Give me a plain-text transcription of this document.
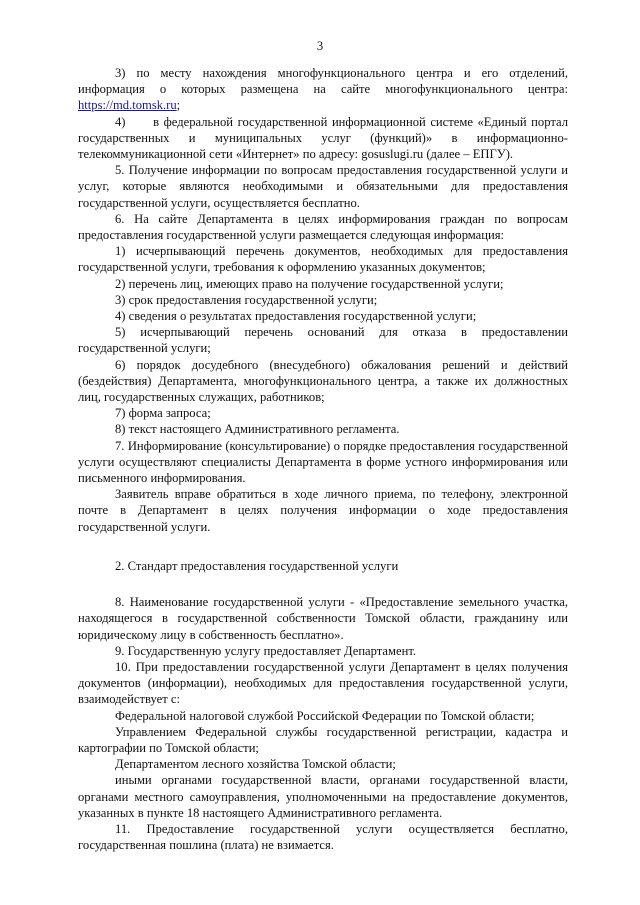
3

3) по месту нахождения многофункционального центра и его отделений, информация о которых размещена на сайте многофункционального центра: https://md.tomsk.ru;

4)      в федеральной государственной информационной системе «Единый портал государственных и муниципальных услуг (функций)» в информационно-телекоммуникационной сети «Интернет» по адресу: gosuslugi.ru (далее – ЕПГУ).

5. Получение информации по вопросам предоставления государственной услуги и услуг, которые являются необходимыми и обязательными для предоставления государственной услуги, осуществляется бесплатно.

6. На сайте Департамента в целях информирования граждан по вопросам предоставления государственной услуги размещается следующая информация:

1) исчерпывающий перечень документов, необходимых для предоставления государственной услуги, требования к оформлению указанных документов;

2) перечень лиц, имеющих право на получение государственной услуги;

3) срок предоставления государственной услуги;

4) сведения о результатах предоставления государственной услуги;

5) исчерпывающий перечень оснований для отказа в предоставлении государственной услуги;

6) порядок досудебного (внесудебного) обжалования решений и действий (бездействия) Департамента, многофункционального центра, а также их должностных лиц, государственных служащих, работников;

7) форма запроса;

8) текст настоящего Административного регламента.

7. Информирование (консультирование) о порядке предоставления государственной услуги осуществляют специалисты Департамента в форме устного информирования или письменного информирования.

Заявитель вправе обратиться в ходе личного приема, по телефону, электронной почте в Департамент в целях получения информации о ходе предоставления государственной услуги.

2. Стандарт предоставления государственной услуги

8. Наименование государственной услуги - «Предоставление земельного участка, находящегося в государственной собственности Томской области, гражданину или юридическому лицу в собственность бесплатно».

9. Государственную услугу предоставляет Департамент.

10. При предоставлении государственной услуги Департамент в целях получения документов (информации), необходимых для предоставления государственной услуги, взаимодействует с:

Федеральной налоговой службой Российской Федерации по Томской области;

Управлением Федеральной службы государственной регистрации, кадастра и картографии по Томской области;

Департаментом лесного хозяйства Томской области;

иными органами государственной власти, органами государственной власти, органами местного самоуправления, уполномоченными на предоставление документов, указанных в пункте 18 настоящего Административного регламента.

11. Предоставление государственной услуги осуществляется бесплатно, государственная пошлина (плата) не взимается.
